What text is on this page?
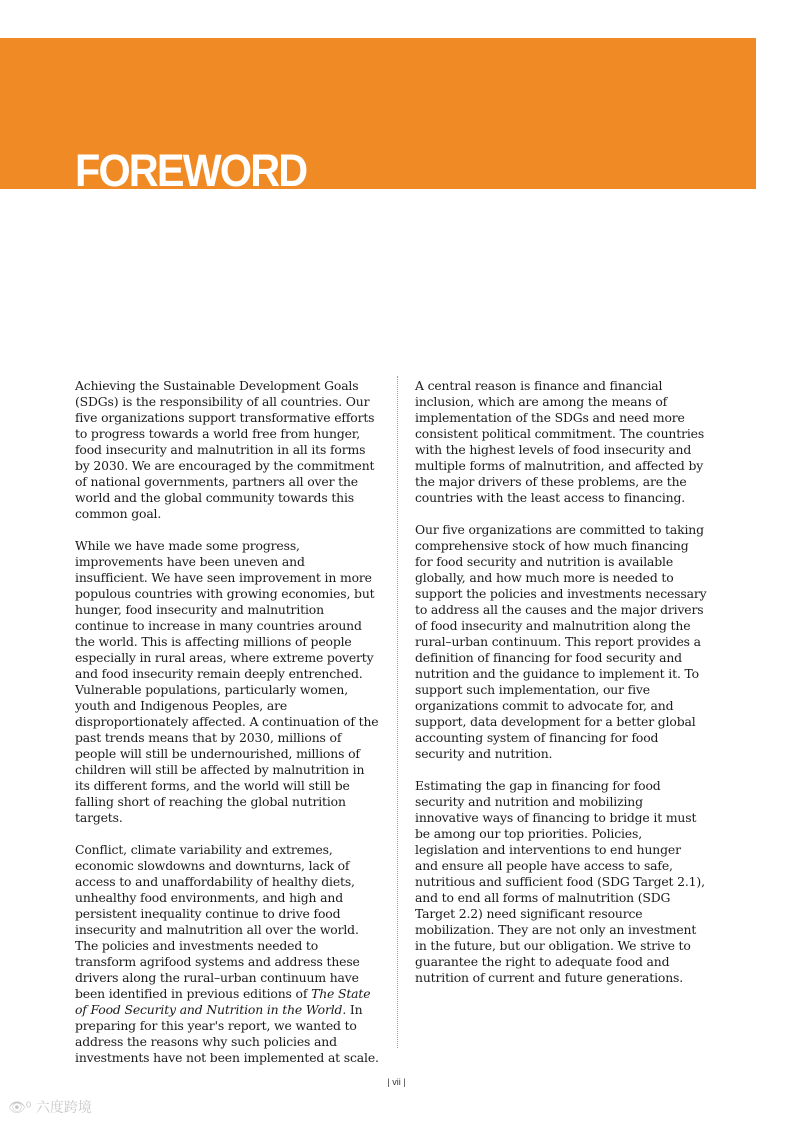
FOREWORD

Achieving the Sustainable Development Goals (SDGs) is the responsibility of all countries. Our five organizations support transformative efforts to progress towards a world free from hunger, food insecurity and malnutrition in all its forms by 2030. We are encouraged by the commitment of national governments, partners all over the world and the global community towards this common goal.

While we have made some progress, improvements have been uneven and insufficient. We have seen improvement in more populous countries with growing economies, but hunger, food insecurity and malnutrition continue to increase in many countries around the world. This is affecting millions of people especially in rural areas, where extreme poverty and food insecurity remain deeply entrenched. Vulnerable populations, particularly women, youth and Indigenous Peoples, are disproportionately affected. A continuation of the past trends means that by 2030, millions of people will still be undernourished, millions of children will still be affected by malnutrition in its different forms, and the world will still be falling short of reaching the global nutrition targets.

Conflict, climate variability and extremes, economic slowdowns and downturns, lack of access to and unaffordability of healthy diets, unhealthy food environments, and high and persistent inequality continue to drive food insecurity and malnutrition all over the world. The policies and investments needed to transform agrifood systems and address these drivers along the rural–urban continuum have been identified in previous editions of The State of Food Security and Nutrition in the World. In preparing for this year's report, we wanted to address the reasons why such policies and investments have not been implemented at scale.

A central reason is finance and financial inclusion, which are among the means of implementation of the SDGs and need more consistent political commitment. The countries with the highest levels of food insecurity and multiple forms of malnutrition, and affected by the major drivers of these problems, are the countries with the least access to financing.

Our five organizations are committed to taking comprehensive stock of how much financing for food security and nutrition is available globally, and how much more is needed to support the policies and investments necessary to address all the causes and the major drivers of food insecurity and malnutrition along the rural–urban continuum. This report provides a definition of financing for food security and nutrition and the guidance to implement it. To support such implementation, our five organizations commit to advocate for, and support, data development for a better global accounting system of financing for food security and nutrition.

Estimating the gap in financing for food security and nutrition and mobilizing innovative ways of financing to bridge it must be among our top priorities. Policies, legislation and interventions to end hunger and ensure all people have access to safe, nutritious and sufficient food (SDG Target 2.1), and to end all forms of malnutrition (SDG Target 2.2) need significant resource mobilization. They are not only an investment in the future, but our obligation. We strive to guarantee the right to adequate food and nutrition of current and future generations.

| vii |
👁⁰ 六度跨境
